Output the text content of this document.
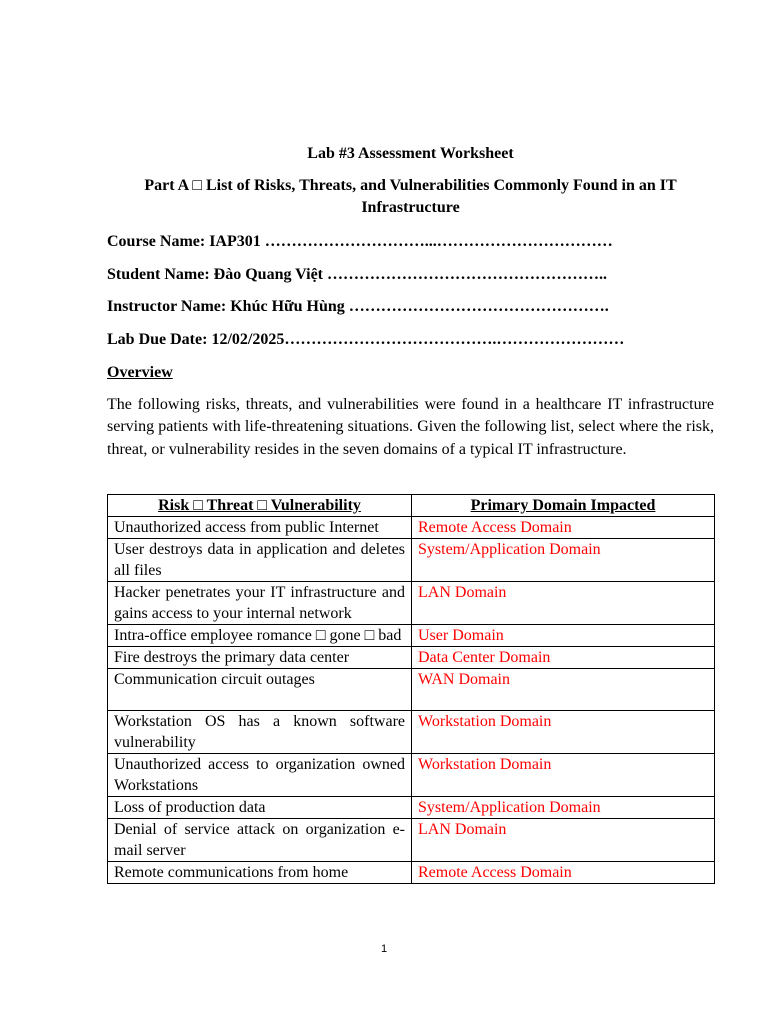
Lab #3 Assessment Worksheet
Part A □ List of Risks, Threats, and Vulnerabilities Commonly Found in an IT Infrastructure
Course Name: IAP301 …………………………...……………………………
Student Name: Đào Quang Việt ……………………………………………..
Instructor Name: Khúc Hữu Hùng ………………………………………….
Lab Due Date: 12/02/2025………………………………….……………………
Overview
The following risks, threats, and vulnerabilities were found in a healthcare IT infrastructure serving patients with life-threatening situations. Given the following list, select where the risk, threat, or vulnerability resides in the seven domains of a typical IT infrastructure.
Risk □ Threat □ Vulnerability	Primary Domain Impacted
Unauthorized access from public Internet	Remote Access Domain
User destroys data in application and deletes all files	System/Application Domain
Hacker penetrates your IT infrastructure and gains access to your internal network	LAN Domain
Intra-office employee romance □ gone □ bad	User Domain
Fire destroys the primary data center	Data Center Domain
Communication circuit outages	WAN Domain
Workstation OS has a known software vulnerability	Workstation Domain
Unauthorized access to organization owned Workstations	Workstation Domain
Loss of production data	System/Application Domain
Denial of service attack on organization e-mail server	LAN Domain
Remote communications from home	Remote Access Domain
1
